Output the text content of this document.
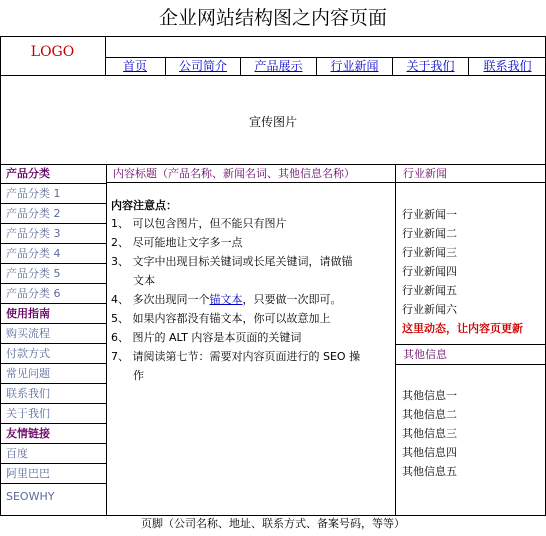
企业网站结构图之内容页面
LOGO
首页	公司简介	产品展示	行业新闻	关于我们	联系我们
宣传图片
产品分类
产品分类 1
产品分类 2
产品分类 3
产品分类 4
产品分类 5
产品分类 6
使用指南
购买流程
付款方式
常见问题
联系我们
关于我们
友情链接
百度
阿里巴巴
SEOWHY
内容标题（产品名称、新闻名词、其他信息名称）
内容注意点：
1、 可以包含图片，但不能只有图片
2、 尽可能地让文字多一点
3、 文字中出现目标关键词或长尾关键词，请做锚
文本
4、 多次出现同一个锚文本，只要做一次即可。
5、 如果内容都没有锚文本，你可以故意加上
6、 图片的 ALT 内容是本页面的关键词
7、 请阅读第七节：需要对内容页面进行的 SEO 操
作
行业新闻
行业新闻一
行业新闻二
行业新闻三
行业新闻四
行业新闻五
行业新闻六
这里动态，让内容页更新
其他信息
其他信息一
其他信息二
其他信息三
其他信息四
其他信息五
页脚（公司名称、地址、联系方式、备案号码，等等）
